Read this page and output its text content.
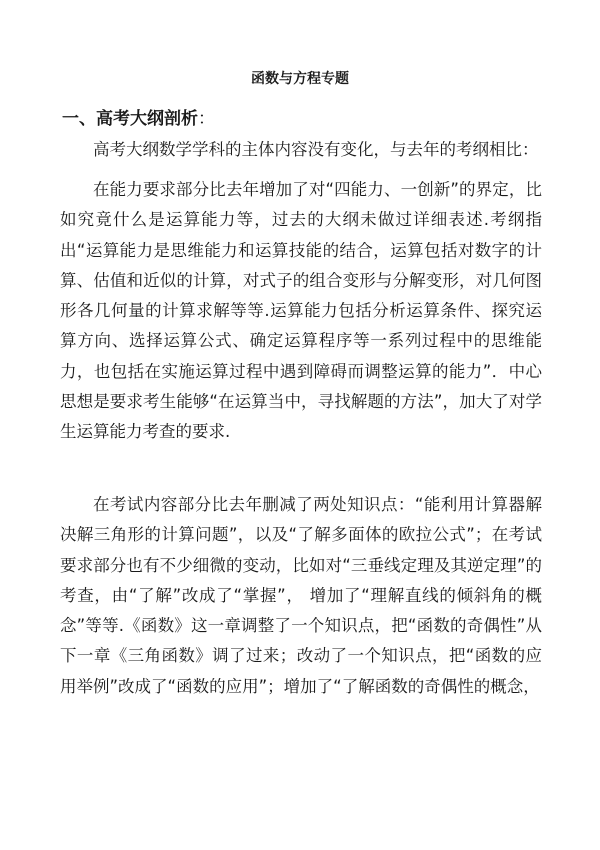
函数与方程专题
一、高考大纲剖析：

高考大纲数学学科的主体内容没有变化，与去年的考纲相比：

在能力要求部分比去年增加了对“四能力、一创新”的界定，比如究竟什么是运算能力等，过去的大纲未做过详细表述.考纲指出“运算能力是思维能力和运算技能的结合，运算包括对数字的计算、估值和近似的计算，对式子的组合变形与分解变形，对几何图形各几何量的计算求解等等.运算能力包括分析运算条件、探究运算方向、选择运算公式、确定运算程序等一系列过程中的思维能力，也包括在实施运算过程中遇到障碍而调整运算的能力”．中心思想是要求考生能够“在运算当中，寻找解题的方法”，加大了对学生运算能力考查的要求.

在考试内容部分比去年删减了两处知识点：“能利用计算器解决解三角形的计算问题”，以及“了解多面体的欧拉公式”；在考试要求部分也有不少细微的变动，比如对“三垂线定理及其逆定理”的考查，由“了解”改成了“掌握”， 增加了“理解直线的倾斜角的概念”等等.《函数》这一章调整了一个知识点，把“函数的奇偶性”从下一章《三角函数》调了过来；改动了一个知识点，把“函数的应用举例”改成了“函数的应用”；增加了“了解函数的奇偶性的概念，
